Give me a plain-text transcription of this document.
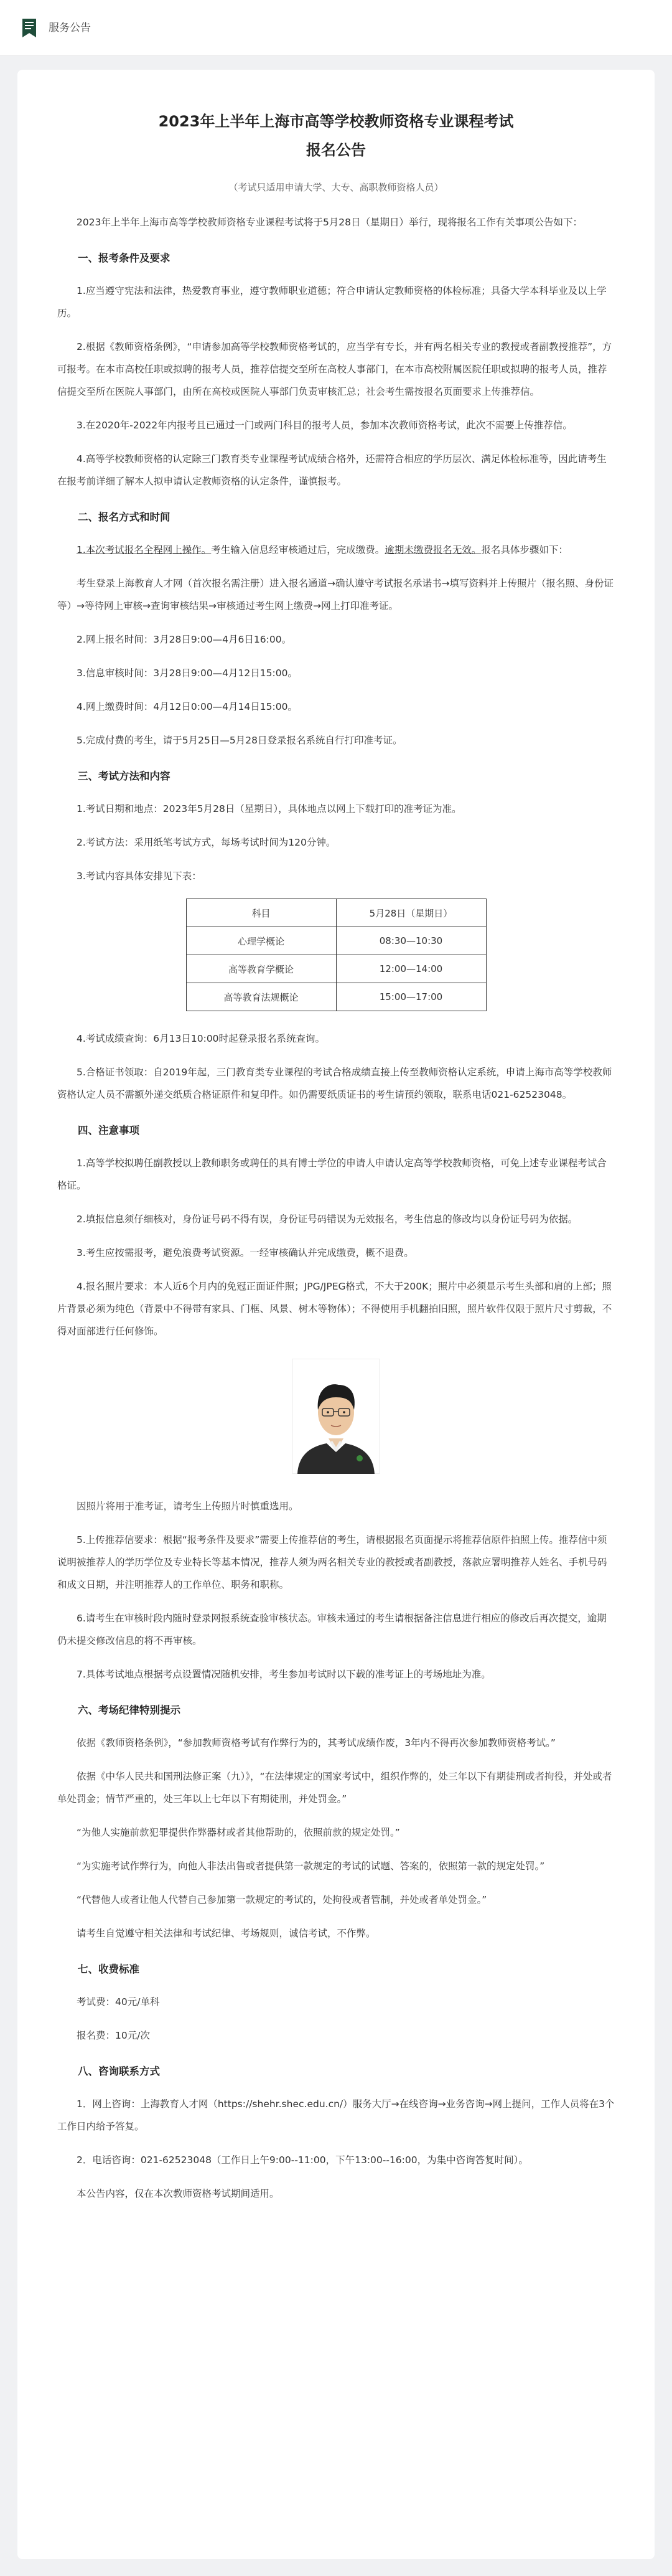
服务公告
2023年上半年上海市高等学校教师资格专业课程考试
报名公告
（考试只适用申请大学、大专、高职教师资格人员）

2023年上半年上海市高等学校教师资格专业课程考试将于5月28日（星期日）举行，现将报名工作有关事项公告如下：

一、报考条件及要求

1.应当遵守宪法和法律，热爱教育事业，遵守教师职业道德；符合申请认定教师资格的体检标准；具备大学本科毕业及以上学历。

2.根据《教师资格条例》，“申请参加高等学校教师资格考试的，应当学有专长，并有两名相关专业的教授或者副教授推荐”，方可报考。在本市高校任职或拟聘的报考人员，推荐信提交至所在高校人事部门，在本市高校附属医院任职或拟聘的报考人员，推荐信提交至所在医院人事部门，由所在高校或医院人事部门负责审核汇总；社会考生需按报名页面要求上传推荐信。

3.在2020年-2022年内报考且已通过一门或两门科目的报考人员，参加本次教师资格考试，此次不需要上传推荐信。

4.高等学校教师资格的认定除三门教育类专业课程考试成绩合格外，还需符合相应的学历层次、满足体检标准等，因此请考生在报考前详细了解本人拟申请认定教师资格的认定条件，谨慎报考。

二、报名方式和时间

1.本次考试报名全程网上操作。考生输入信息经审核通过后，完成缴费。逾期未缴费报名无效。报名具体步骤如下：

考生登录上海教育人才网（首次报名需注册）进入报名通道→确认遵守考试报名承诺书→填写资料并上传照片（报名照、身份证等）→等待网上审核→查询审核结果→审核通过考生网上缴费→网上打印准考证。

2.网上报名时间：3月28日9:00—4月6日16:00。

3.信息审核时间：3月28日9:00—4月12日15:00。

4.网上缴费时间：4月12日0:00—4月14日15:00。

5.完成付费的考生，请于5月25日—5月28日登录报名系统自行打印准考证。

三、考试方法和内容

1.考试日期和地点：2023年5月28日（星期日），具体地点以网上下载打印的准考证为准。

2.考试方法：采用纸笔考试方式，每场考试时间为120分钟。

3.考试内容具体安排见下表：

科目	5月28日（星期日）
心理学概论	08:30—10:30
高等教育学概论	12:00—14:00
高等教育法规概论	15:00—17:00

4.考试成绩查询：6月13日10:00时起登录报名系统查询。

5.合格证书领取：自2019年起，三门教育类专业课程的考试合格成绩直接上传至教师资格认定系统，申请上海市高等学校教师资格认定人员不需额外递交纸质合格证原件和复印件。如仍需要纸质证书的考生请预约领取，联系电话021-62523048。

四、注意事项

1.高等学校拟聘任副教授以上教师职务或聘任的具有博士学位的申请人申请认定高等学校教师资格，可免上述专业课程考试合格证。

2.填报信息须仔细核对，身份证号码不得有误，身份证号码错误为无效报名，考生信息的修改均以身份证号码为依据。

3.考生应按需报考，避免浪费考试资源。一经审核确认并完成缴费，概不退费。

4.报名照片要求：本人近6个月内的免冠正面证件照；JPG/JPEG格式，不大于200K；照片中必须显示考生头部和肩的上部；照片背景必须为纯色（背景中不得带有家具、门框、风景、树木等物体）；不得使用手机翻拍旧照，照片软件仅限于照片尺寸剪裁，不得对面部进行任何修饰。

因照片将用于准考证，请考生上传照片时慎重选用。

5.上传推荐信要求：根据“报考条件及要求”需要上传推荐信的考生，请根据报名页面提示将推荐信原件拍照上传。推荐信中须说明被推荐人的学历学位及专业特长等基本情况，推荐人须为两名相关专业的教授或者副教授，落款应署明推荐人姓名、手机号码和成文日期，并注明推荐人的工作单位、职务和职称。

6.请考生在审核时段内随时登录网报系统查验审核状态。审核未通过的考生请根据备注信息进行相应的修改后再次提交，逾期仍未提交修改信息的将不再审核。

7.具体考试地点根据考点设置情况随机安排，考生参加考试时以下载的准考证上的考场地址为准。

六、考场纪律特别提示

依据《教师资格条例》，“参加教师资格考试有作弊行为的，其考试成绩作废，3年内不得再次参加教师资格考试。”

依据《中华人民共和国刑法修正案（九）》，“在法律规定的国家考试中，组织作弊的，处三年以下有期徒刑或者拘役，并处或者单处罚金；情节严重的，处三年以上七年以下有期徒刑，并处罚金。”

“为他人实施前款犯罪提供作弊器材或者其他帮助的，依照前款的规定处罚。”

“为实施考试作弊行为，向他人非法出售或者提供第一款规定的考试的试题、答案的，依照第一款的规定处罚。”

“代替他人或者让他人代替自己参加第一款规定的考试的，处拘役或者管制，并处或者单处罚金。”

请考生自觉遵守相关法律和考试纪律、考场规则，诚信考试，不作弊。

七、收费标准

考试费：40元/单科

报名费：10元/次

八、咨询联系方式

1．网上咨询：上海教育人才网（https://shehr.shec.edu.cn/）服务大厅→在线咨询→业务咨询→网上提问，工作人员将在3个工作日内给予答复。

2．电话咨询：021-62523048（工作日上午9:00--11:00，下午13:00--16:00，为集中咨询答复时间）。

本公告内容，仅在本次教师资格考试期间适用。
